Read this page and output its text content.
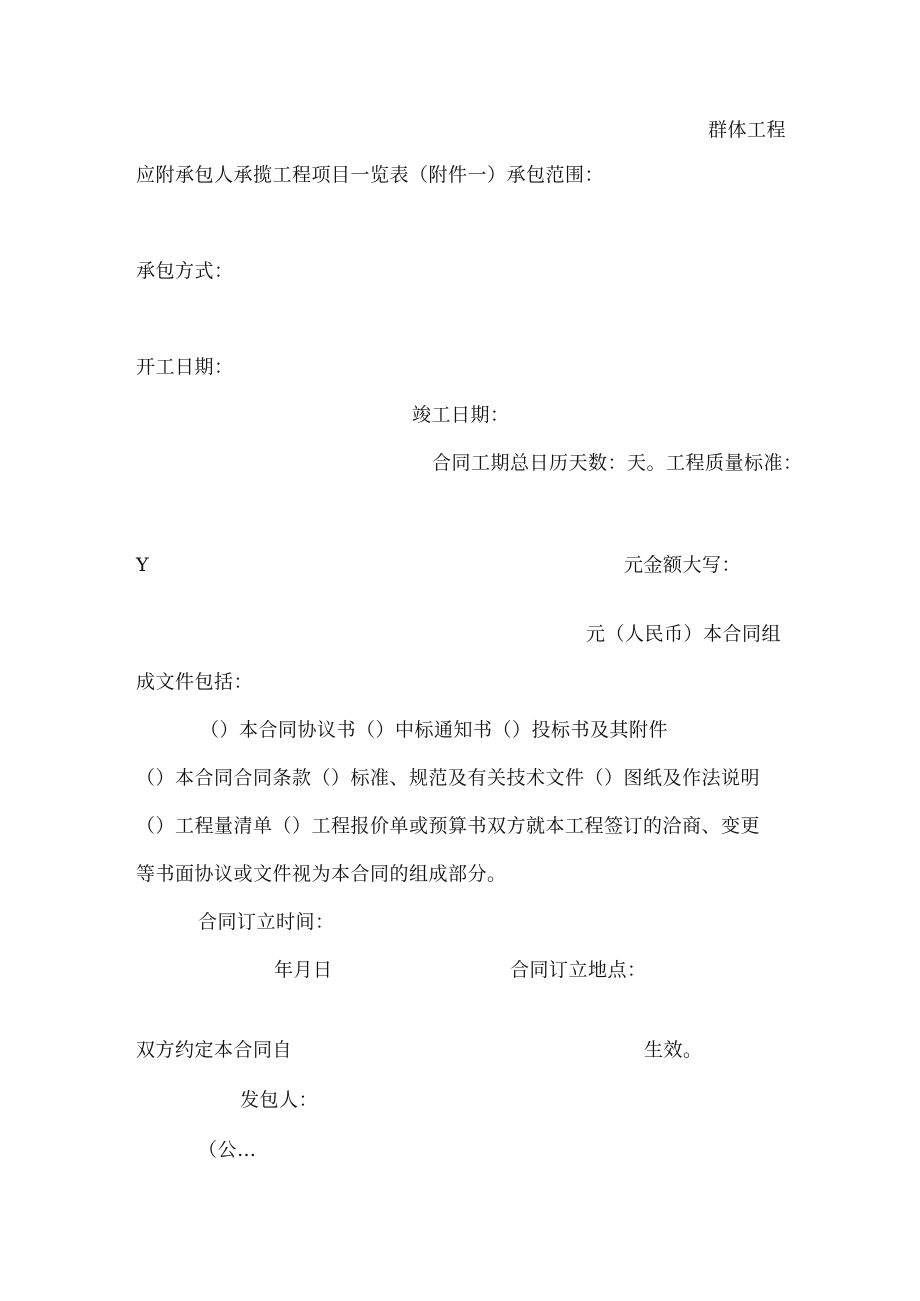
群体工程
应附承包人承揽工程项目一览表（附件一）承包范围：
承包方式：
开工日期：
竣工日期：
合同工期总日历天数：天。工程质量标准：
Y	元金额大写：
元（人民币）本合同组
成文件包括：
（）本合同协议书（）中标通知书（）投标书及其附件
（）本合同合同条款（）标准、规范及有关技术文件（）图纸及作法说明
（）工程量清单（）工程报价单或预算书双方就本工程签订的洽商、变更
等书面协议或文件视为本合同的组成部分。
合同订立时间：
年月日	合同订立地点：
双方约定本合同自	生效。
发包人：
（公…
